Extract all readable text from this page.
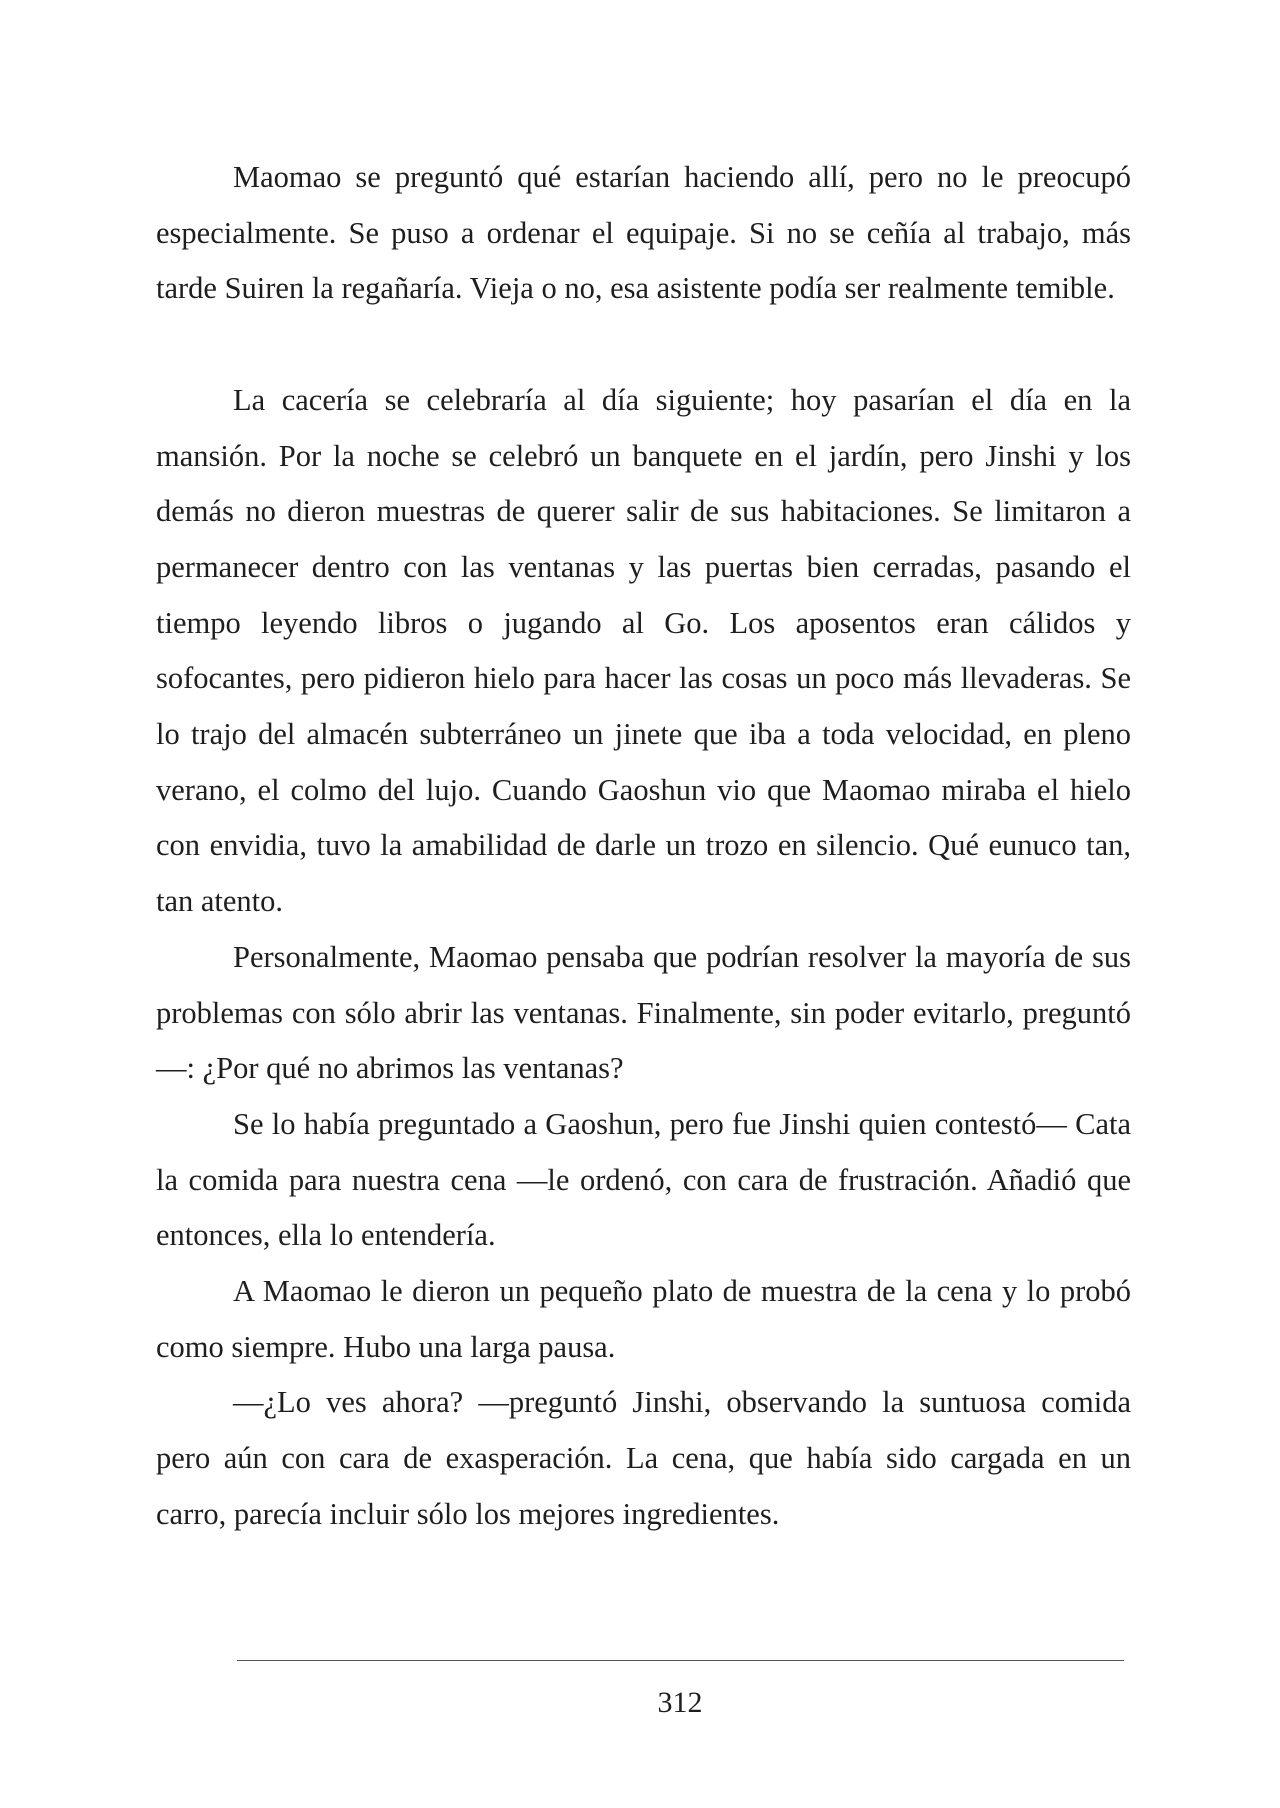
Maomao se preguntó qué estarían haciendo allí, pero no le preocupó especialmente. Se puso a ordenar el equipaje. Si no se ceñía al trabajo, más tarde Suiren la regañaría. Vieja o no, esa asistente podía ser realmente temible.

La cacería se celebraría al día siguiente; hoy pasarían el día en la mansión. Por la noche se celebró un banquete en el jardín, pero Jinshi y los demás no dieron muestras de querer salir de sus habitaciones. Se limitaron a permanecer dentro con las ventanas y las puertas bien cerradas, pasando el tiempo leyendo libros o jugando al Go. Los aposentos eran cálidos y sofocantes, pero pidieron hielo para hacer las cosas un poco más llevaderas. Se lo trajo del almacén subterráneo un jinete que iba a toda velocidad, en pleno verano, el colmo del lujo. Cuando Gaoshun vio que Maomao miraba el hielo con envidia, tuvo la amabilidad de darle un trozo en silencio. Qué eunuco tan, tan atento.

Personalmente, Maomao pensaba que podrían resolver la mayoría de sus problemas con sólo abrir las ventanas. Finalmente, sin poder evitarlo, preguntó—: ¿Por qué no abrimos las ventanas?

Se lo había preguntado a Gaoshun, pero fue Jinshi quien contestó— Cata la comida para nuestra cena —le ordenó, con cara de frustración. Añadió que entonces, ella lo entendería.

A Maomao le dieron un pequeño plato de muestra de la cena y lo probó como siempre. Hubo una larga pausa.

—¿Lo ves ahora? —preguntó Jinshi, observando la suntuosa comida pero aún con cara de exasperación. La cena, que había sido cargada en un carro, parecía incluir sólo los mejores ingredientes.

312
